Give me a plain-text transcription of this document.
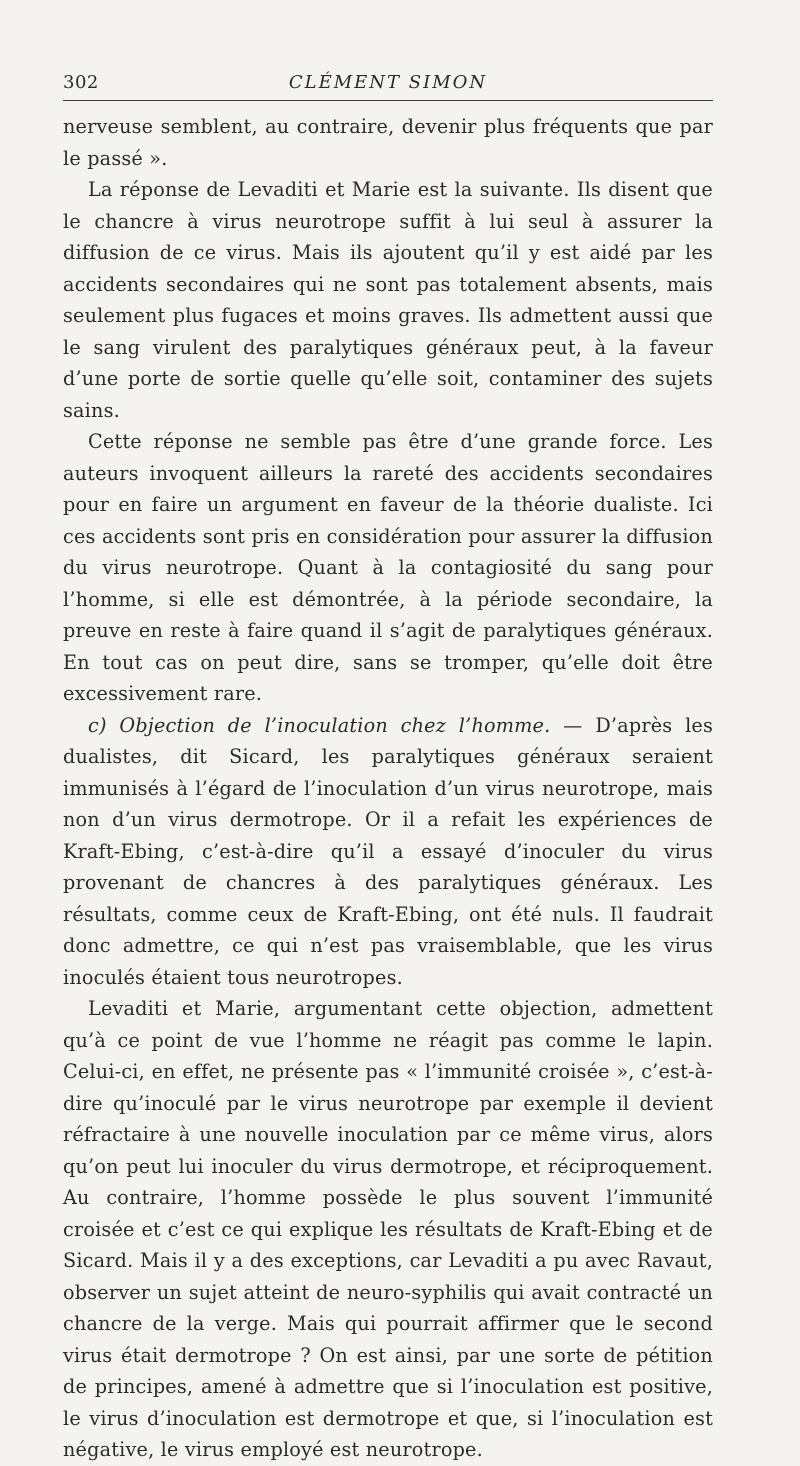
302	CLÉMENT SIMON

nerveuse semblent, au contraire, devenir plus fréquents que par le passé ».

La réponse de Levaditi et Marie est la suivante. Ils disent que le chancre à virus neurotrope suffit à lui seul à assurer la diffusion de ce virus. Mais ils ajoutent qu’il y est aidé par les accidents secondaires qui ne sont pas totalement absents, mais seulement plus fugaces et moins graves. Ils admettent aussi que le sang virulent des paralytiques généraux peut, à la faveur d’une porte de sortie quelle qu’elle soit, contaminer des sujets sains.

Cette réponse ne semble pas être d’une grande force. Les auteurs invoquent ailleurs la rareté des accidents secondaires pour en faire un argument en faveur de la théorie dualiste. Ici ces accidents sont pris en considération pour assurer la diffusion du virus neurotrope. Quant à la contagiosité du sang pour l’homme, si elle est démontrée, à la période secondaire, la preuve en reste à faire quand il s’agit de paralytiques généraux. En tout cas on peut dire, sans se tromper, qu’elle doit être excessivement rare.

c) Objection de l’inoculation chez l’homme. — D’après les dualistes, dit Sicard, les paralytiques généraux seraient immunisés à l’égard de l’inoculation d’un virus neurotrope, mais non d’un virus dermotrope. Or il a refait les expériences de Kraft-Ebing, c’est-à-dire qu’il a essayé d’inoculer du virus provenant de chancres à des paralytiques généraux. Les résultats, comme ceux de Kraft-Ebing, ont été nuls. Il faudrait donc admettre, ce qui n’est pas vraisemblable, que les virus inoculés étaient tous neurotropes.

Levaditi et Marie, argumentant cette objection, admettent qu’à ce point de vue l’homme ne réagit pas comme le lapin. Celui-ci, en effet, ne présente pas « l’immunité croisée », c’est-à-dire qu’inoculé par le virus neurotrope par exemple il devient réfractaire à une nouvelle inoculation par ce même virus, alors qu’on peut lui inoculer du virus dermotrope, et réciproquement. Au contraire, l’homme possède le plus souvent l’immunité croisée et c’est ce qui explique les résultats de Kraft-Ebing et de Sicard. Mais il y a des exceptions, car Levaditi a pu avec Ravaut, observer un sujet atteint de neuro-syphilis qui avait contracté un chancre de la verge. Mais qui pourrait affirmer que le second virus était dermotrope ? On est ainsi, par une sorte de pétition de principes, amené à admettre que si l’inoculation est positive, le virus d’inoculation est dermotrope et que, si l’inoculation est négative, le virus employé est neurotrope.
